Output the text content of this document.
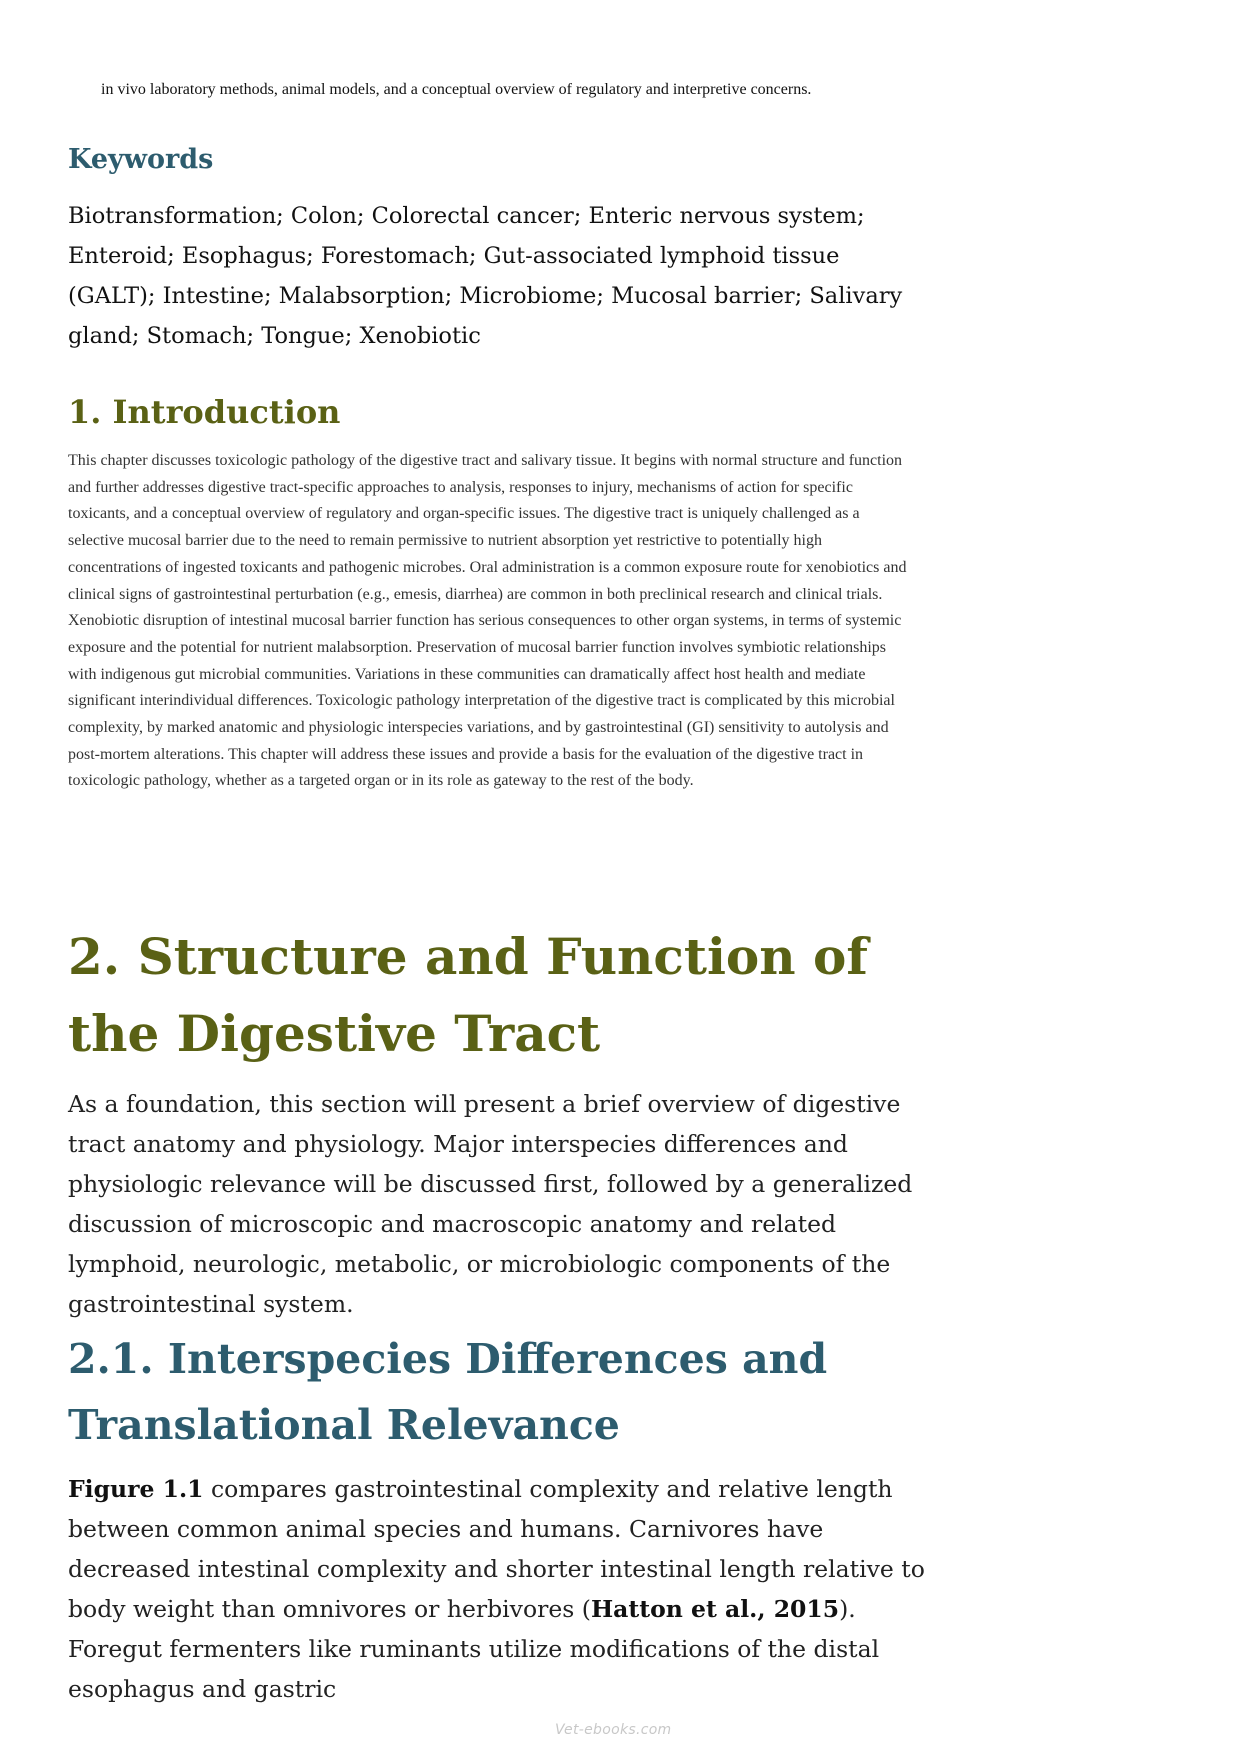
in vivo laboratory methods, animal models, and a conceptual overview of regulatory and interpretive concerns.

Keywords

Biotransformation; Colon; Colorectal cancer; Enteric nervous system; Enteroid; Esophagus; Forestomach; Gut-associated lymphoid tissue (GALT); Intestine; Malabsorption; Microbiome; Mucosal barrier; Salivary gland; Stomach; Tongue; Xenobiotic

1. Introduction

This chapter discusses toxicologic pathology of the digestive tract and salivary tissue. It begins with normal structure and function and further addresses digestive tract-specific approaches to analysis, responses to injury, mechanisms of action for specific toxicants, and a conceptual overview of regulatory and organ-specific issues. The digestive tract is uniquely challenged as a selective mucosal barrier due to the need to remain permissive to nutrient absorption yet restrictive to potentially high concentrations of ingested toxicants and pathogenic microbes. Oral administration is a common exposure route for xenobiotics and clinical signs of gastrointestinal perturbation (e.g., emesis, diarrhea) are common in both preclinical research and clinical trials. Xenobiotic disruption of intestinal mucosal barrier function has serious consequences to other organ systems, in terms of systemic exposure and the potential for nutrient malabsorption. Preservation of mucosal barrier function involves symbiotic relationships with indigenous gut microbial communities. Variations in these communities can dramatically affect host health and mediate significant interindividual differences. Toxicologic pathology interpretation of the digestive tract is complicated by this microbial complexity, by marked anatomic and physiologic interspecies variations, and by gastrointestinal (GI) sensitivity to autolysis and post-mortem alterations. This chapter will address these issues and provide a basis for the evaluation of the digestive tract in toxicologic pathology, whether as a targeted organ or in its role as gateway to the rest of the body.

2. Structure and Function of the Digestive Tract

As a foundation, this section will present a brief overview of digestive tract anatomy and physiology. Major interspecies differences and physiologic relevance will be discussed first, followed by a generalized discussion of microscopic and macroscopic anatomy and related lymphoid, neurologic, metabolic, or microbiologic components of the gastrointestinal system.

2.1. Interspecies Differences and Translational Relevance

Figure 1.1 compares gastrointestinal complexity and relative length between common animal species and humans. Carnivores have decreased intestinal complexity and shorter intestinal length relative to body weight than omnivores or herbivores (Hatton et al., 2015). Foregut fermenters like ruminants utilize modifications of the distal esophagus and gastric

Vet-ebooks.com
